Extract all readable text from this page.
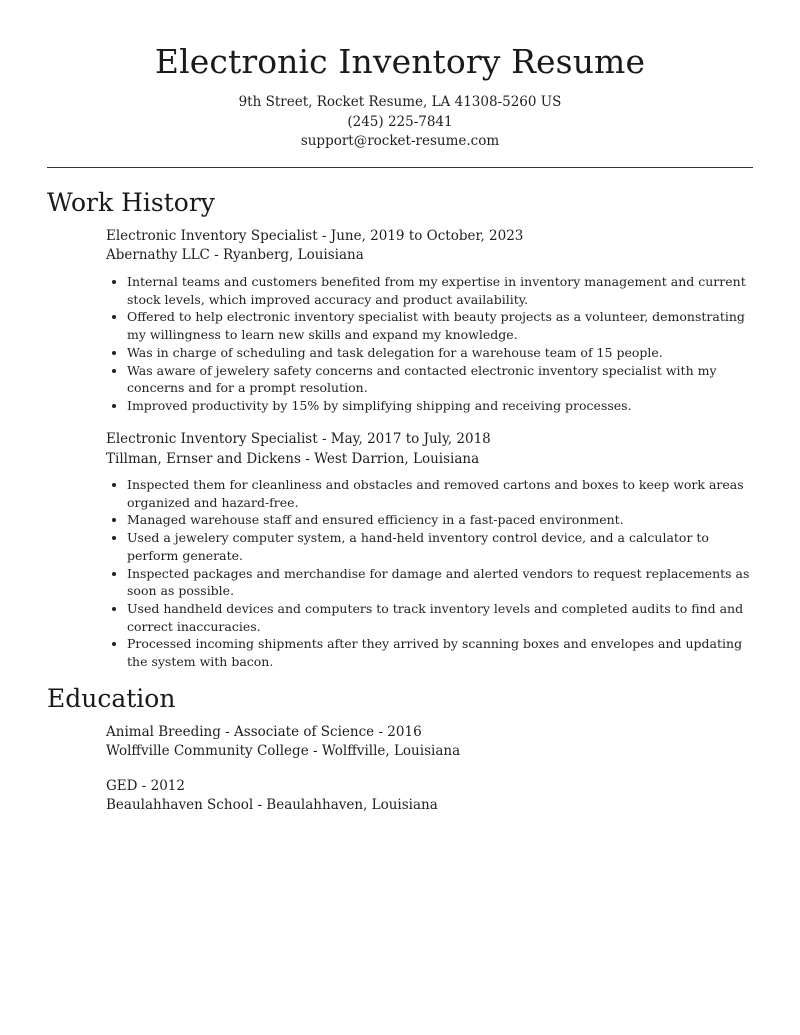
Electronic Inventory Resume
9th Street, Rocket Resume, LA 41308-5260 US
(245) 225-7841
support@rocket-resume.com
Work History
Electronic Inventory Specialist - June, 2019 to October, 2023
Abernathy LLC - Ryanberg, Louisiana
Internal teams and customers benefited from my expertise in inventory management and current stock levels, which improved accuracy and product availability.
Offered to help electronic inventory specialist with beauty projects as a volunteer, demonstrating my willingness to learn new skills and expand my knowledge.
Was in charge of scheduling and task delegation for a warehouse team of 15 people.
Was aware of jewelery safety concerns and contacted electronic inventory specialist with my concerns and for a prompt resolution.
Improved productivity by 15% by simplifying shipping and receiving processes.
Electronic Inventory Specialist - May, 2017 to July, 2018
Tillman, Ernser and Dickens - West Darrion, Louisiana
Inspected them for cleanliness and obstacles and removed cartons and boxes to keep work areas organized and hazard-free.
Managed warehouse staff and ensured efficiency in a fast-paced environment.
Used a jewelery computer system, a hand-held inventory control device, and a calculator to perform generate.
Inspected packages and merchandise for damage and alerted vendors to request replacements as soon as possible.
Used handheld devices and computers to track inventory levels and completed audits to find and correct inaccuracies.
Processed incoming shipments after they arrived by scanning boxes and envelopes and updating the system with bacon.
Education
Animal Breeding - Associate of Science - 2016
Wolffville Community College - Wolffville, Louisiana
GED - 2012
Beaulahhaven School - Beaulahhaven, Louisiana
